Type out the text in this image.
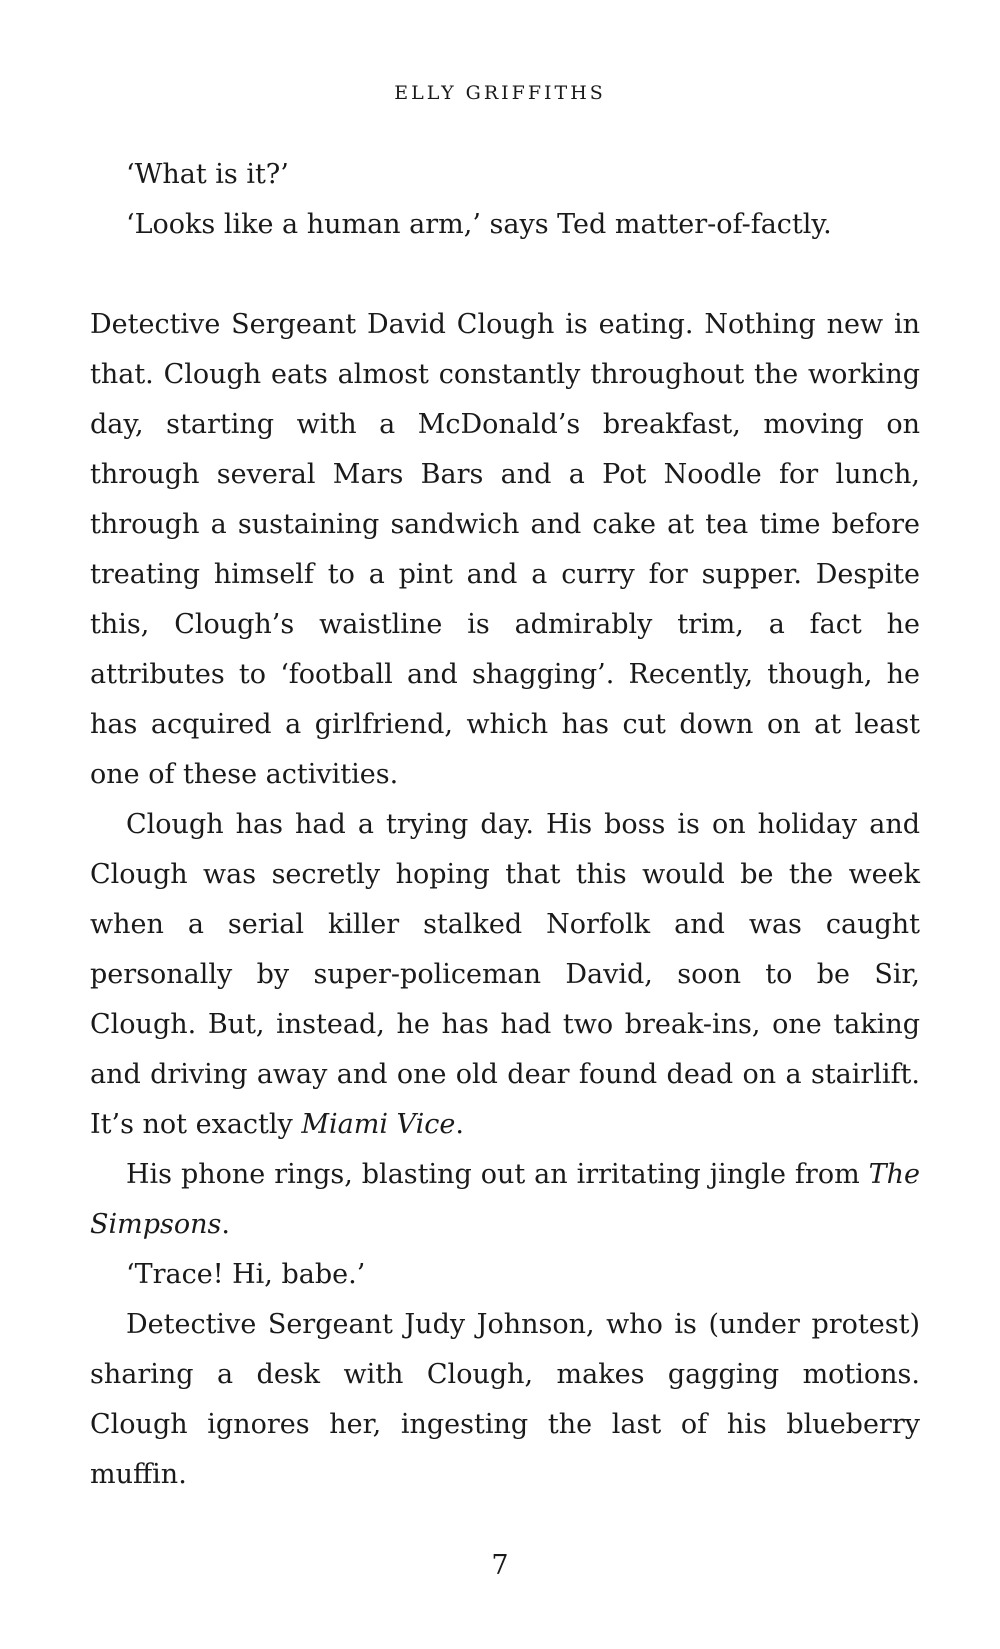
ELLY GRIFFITHS

‘What is it?’

‘Looks like a human arm,’ says Ted matter-of-factly.

Detective Sergeant David Clough is eating. Nothing new in that. Clough eats almost constantly throughout the working day, starting with a McDonald’s breakfast, moving on through several Mars Bars and a Pot Noodle for lunch, through a sustaining sandwich and cake at tea time before treating himself to a pint and a curry for supper. Despite this, Clough’s waistline is admirably trim, a fact he attributes to ‘football and shagging’. Recently, though, he has acquired a girlfriend, which has cut down on at least one of these activities.

Clough has had a trying day. His boss is on holiday and Clough was secretly hoping that this would be the week when a serial killer stalked Norfolk and was caught personally by super-policeman David, soon to be Sir, Clough. But, instead, he has had two break-ins, one taking and driving away and one old dear found dead on a stairlift. It’s not exactly Miami Vice.

His phone rings, blasting out an irritating jingle from The Simpsons.

‘Trace! Hi, babe.’

Detective Sergeant Judy Johnson, who is (under protest) sharing a desk with Clough, makes gagging motions. Clough ignores her, ingesting the last of his blueberry muffin.

7
